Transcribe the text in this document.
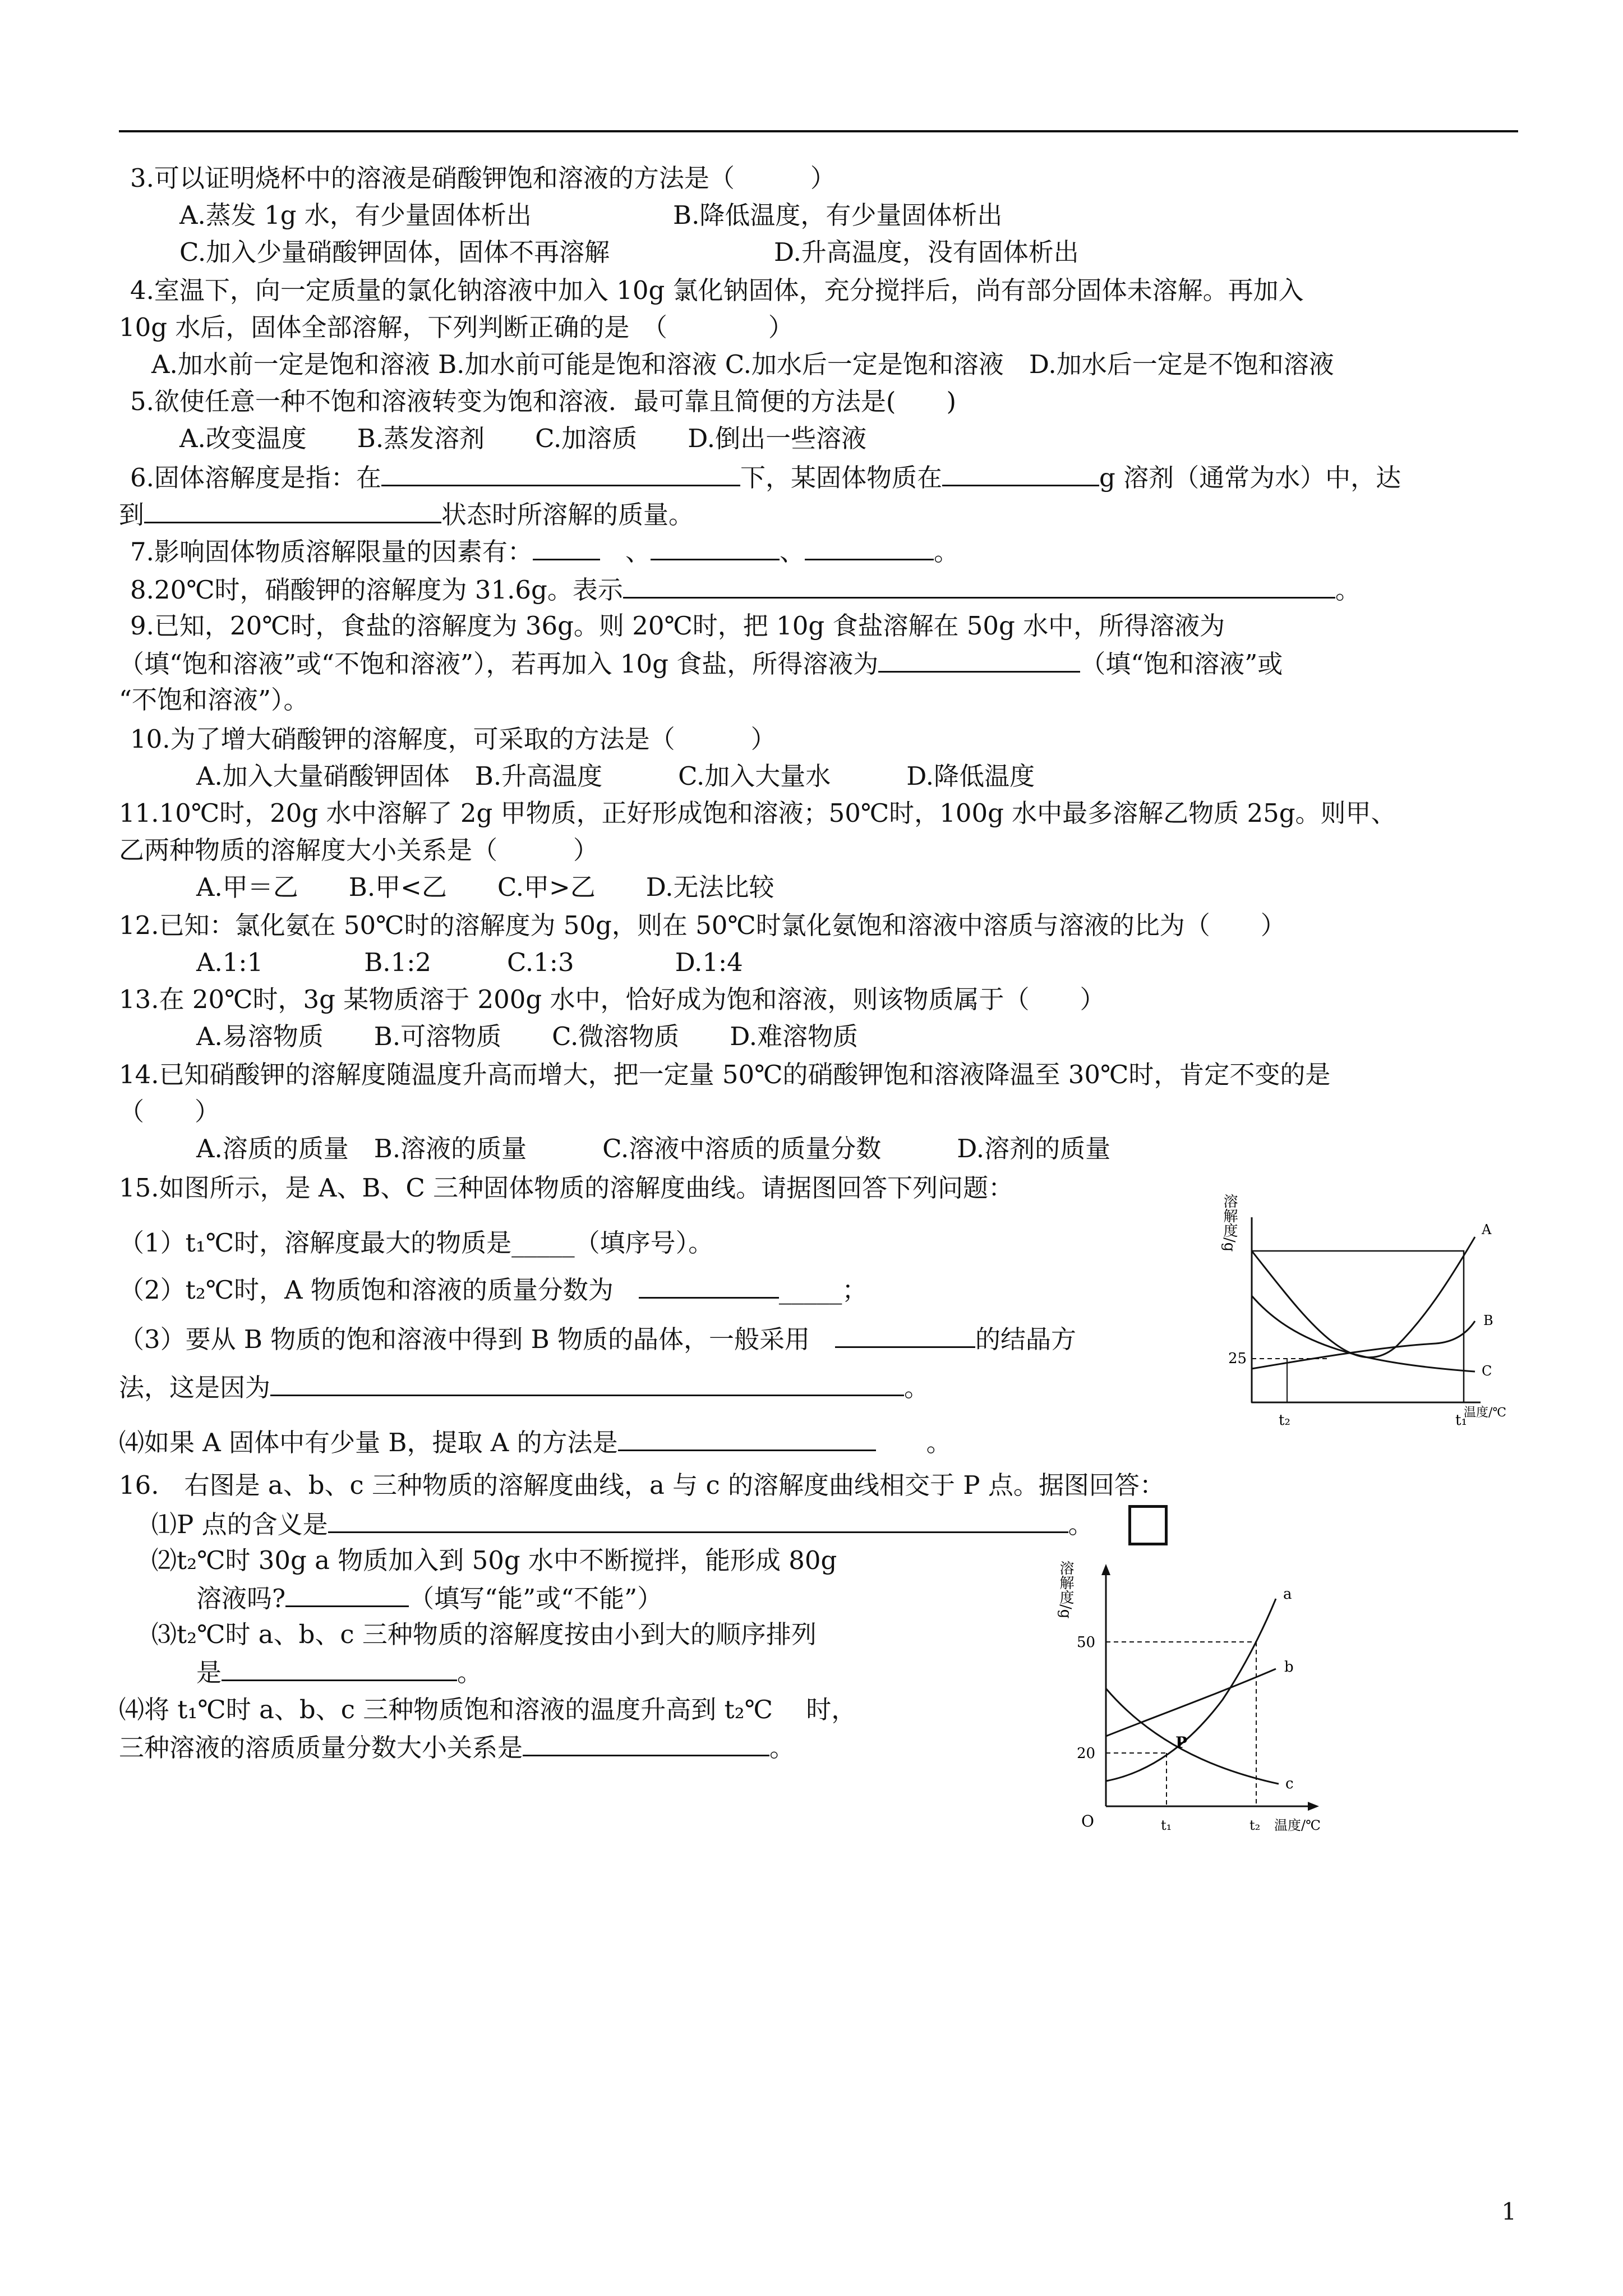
3.可以证明烧杯中的溶液是硝酸钾饱和溶液的方法是（　　　）
A.蒸发 1g 水，有少量固体析出	B.降低温度，有少量固体析出
C.加入少量硝酸钾固体，固体不再溶解	D.升高温度，没有固体析出
4.室温下，向一定质量的氯化钠溶液中加入 10g 氯化钠固体，充分搅拌后，尚有部分固体未溶解。再加入
10g 水后，固体全部溶解，下列判断正确的是　（　　　　）
A.加水前一定是饱和溶液 B.加水前可能是饱和溶液 C.加水后一定是饱和溶液　D.加水后一定是不饱和溶液
5.欲使任意一种不饱和溶液转变为饱和溶液．最可靠且简便的方法是(　　)
A.改变温度　　B.蒸发溶剂　　C.加溶质　　D.倒出一些溶液
6.固体溶解度是指：在	下，某固体物质在	g 溶剂（通常为水）中，达
到	状态时所溶解的质量。
7.影响固体物质溶解限量的因素有：	　、	、	。
8.20℃时，硝酸钾的溶解度为 31.6g。表示	。
9.已知，20℃时，食盐的溶解度为 36g。则 20℃时，把 10g 食盐溶解在 50g 水中，所得溶液为
（填“饱和溶液”或“不饱和溶液”），若再加入 10g 食盐，所得溶液为	（填“饱和溶液”或
“不饱和溶液”）。
10.为了增大硝酸钾的溶解度，可采取的方法是（　　　）
A.加入大量硝酸钾固体　B.升高温度　　　C.加入大量水　　　D.降低温度
11.10℃时，20g 水中溶解了 2g 甲物质，正好形成饱和溶液；50℃时，100g 水中最多溶解乙物质 25g。则甲、
乙两种物质的溶解度大小关系是（　　　）
A.甲＝乙　　B.甲<乙　　C.甲>乙　　D.无法比较
12.已知：氯化氨在 50℃时的溶解度为 50g，则在 50℃时氯化氨饱和溶液中溶质与溶液的比为（　　）
A.1:1　　　　B.1:2　　　C.1:3　　　　D.1:4
13.在 20℃时，3g 某物质溶于 200g 水中，恰好成为饱和溶液，则该物质属于（　　）
A.易溶物质　　B.可溶物质　　C.微溶物质　　D.难溶物质
14.已知硝酸钾的溶解度随温度升高而增大，把一定量 50℃的硝酸钾饱和溶液降温至 30℃时，肯定不变的是
（　　）
A.溶质的质量　B.溶液的质量　　　C.溶液中溶质的质量分数　　　D.溶剂的质量
15.如图所示，是 A、B、C 三种固体物质的溶解度曲线。请据图回答下列问题：
（1）t₁℃时，溶解度最大的物质是_____（填序号）。
（2）t₂℃时，A 物质饱和溶液的质量分数为　	_____；
（3）要从 B 物质的饱和溶液中得到 B 物质的晶体，一般采用　	的结晶方
法，这是因为	。
⑷如果 A 固体中有少量 B，提取 A 的方法是	　　。
溶解度/g	A
B
C
25
t₂	t₁
温度/℃
16.　右图是 a、b、c 三种物质的溶解度曲线，a 与 c 的溶解度曲线相交于 P 点。据图回答：
⑴P 点的含义是	。
⑵t₂℃时 30g a 物质加入到 50g 水中不断搅拌，能形成 80g
溶液吗?	（填写“能”或“不能”）
⑶t₂℃时 a、b、c 三种物质的溶解度按由小到大的顺序排列
是	。
⑷将 t₁℃时 a、b、c 三种物质饱和溶液的温度升高到 t₂℃　 时，
三种溶液的溶质质量分数大小关系是	。
溶解度/g	a
b
c
P
50
20
O	t₁	t₂ 温度/℃
1
